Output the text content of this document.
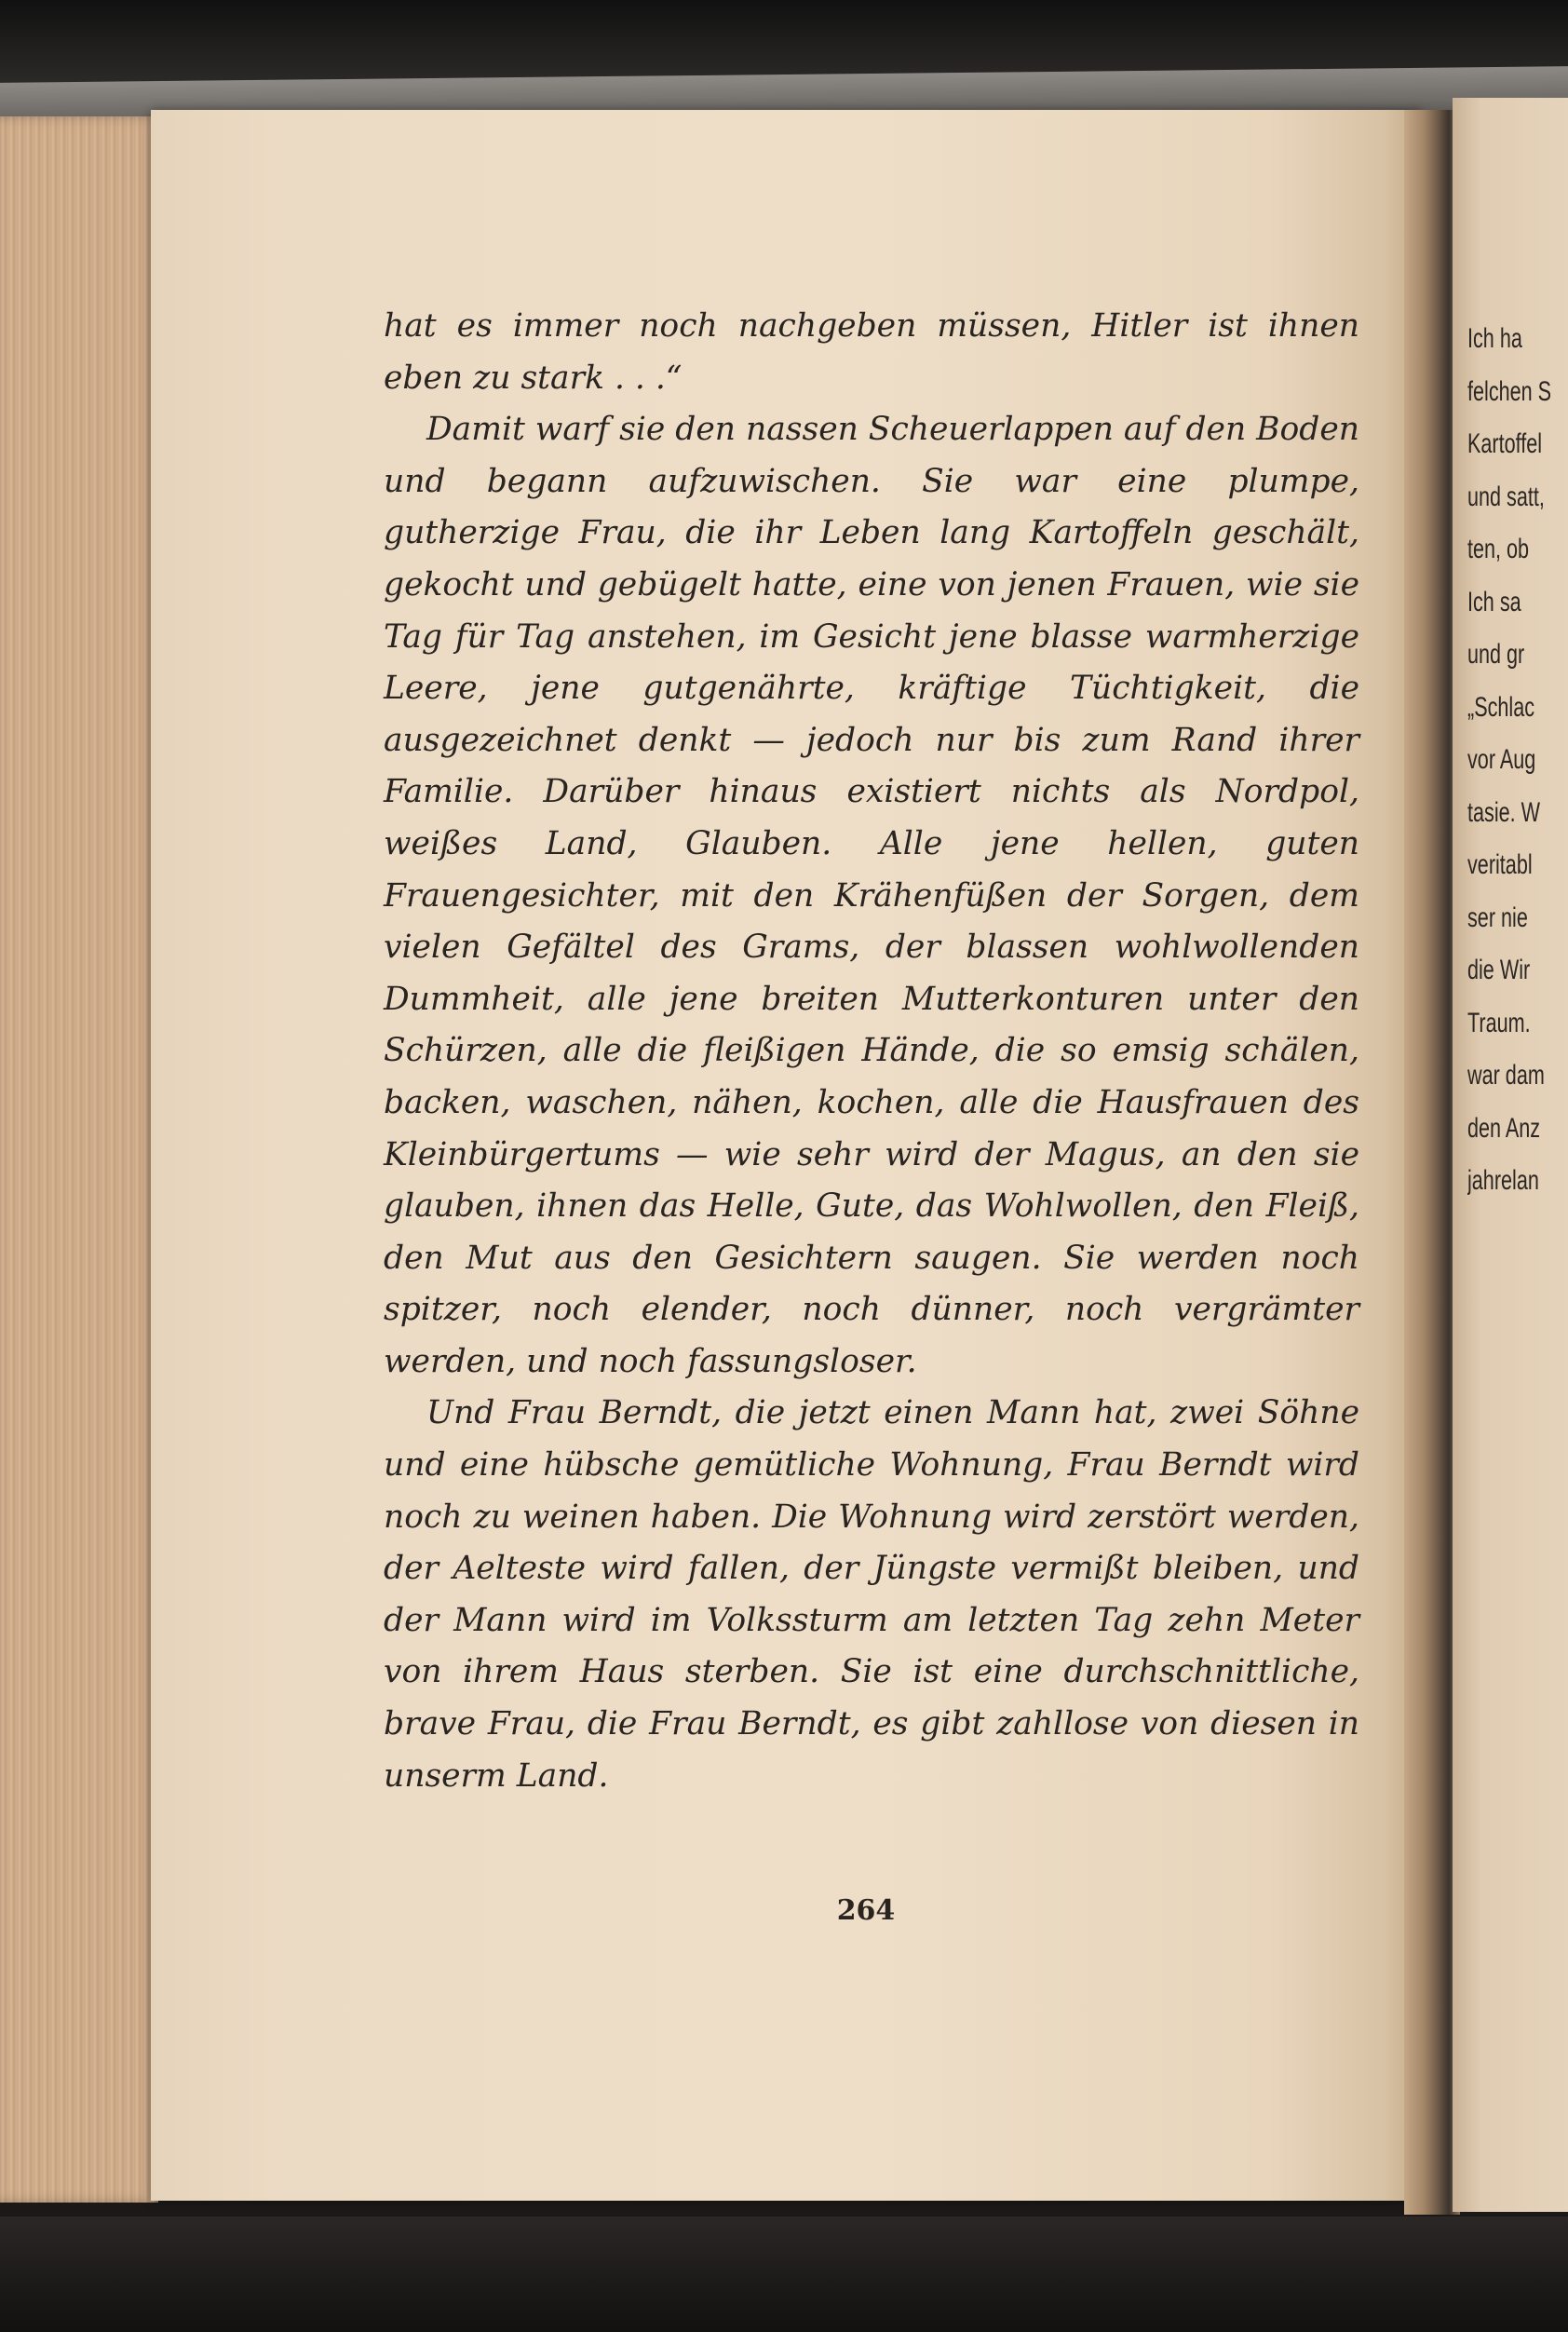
hat es immer noch nachgeben müssen, Hitler ist ihnen eben zu stark . . .“

Damit warf sie den nassen Scheuerlappen auf den Boden und begann aufzuwischen. Sie war eine plumpe, gutherzige Frau, die ihr Leben lang Kartoffeln geschält, gekocht und gebügelt hatte, eine von jenen Frauen, wie sie Tag für Tag anstehen, im Gesicht jene blasse warmherzige Leere, jene gutgenährte, kräftige Tüchtigkeit, die ausgezeichnet denkt — jedoch nur bis zum Rand ihrer Familie. Darüber hinaus existiert nichts als Nordpol, weißes Land, Glauben. Alle jene hellen, guten Frauengesichter, mit den Krähenfüßen der Sorgen, dem vielen Gefältel des Grams, der blassen wohlwollenden Dummheit, alle jene breiten Mutterkonturen unter den Schürzen, alle die fleißigen Hände, die so emsig schälen, backen, waschen, nähen, kochen, alle die Hausfrauen des Kleinbürgertums — wie sehr wird der Magus, an den sie glauben, ihnen das Helle, Gute, das Wohlwollen, den Fleiß, den Mut aus den Gesichtern saugen. Sie werden noch spitzer, noch elender, noch dünner, noch vergrämter werden, und noch fassungsloser.

Und Frau Berndt, die jetzt einen Mann hat, zwei Söhne und eine hübsche gemütliche Wohnung, Frau Berndt wird noch zu weinen haben. Die Wohnung wird zerstört werden, der Aelteste wird fallen, der Jüngste vermißt bleiben, und der Mann wird im Volkssturm am letzten Tag zehn Meter von ihrem Haus sterben. Sie ist eine durchschnittliche, brave Frau, die Frau Berndt, es gibt zahllose von diesen in unserm Land.

264
Ich ha
felchen S
Kartoffel
und satt,
ten, ob
Ich sa
und gr
„Schlac
vor Aug
tasie. W
veritabl
ser nie
die Wir
Traum.
war dam
den Anz
jahrelan
